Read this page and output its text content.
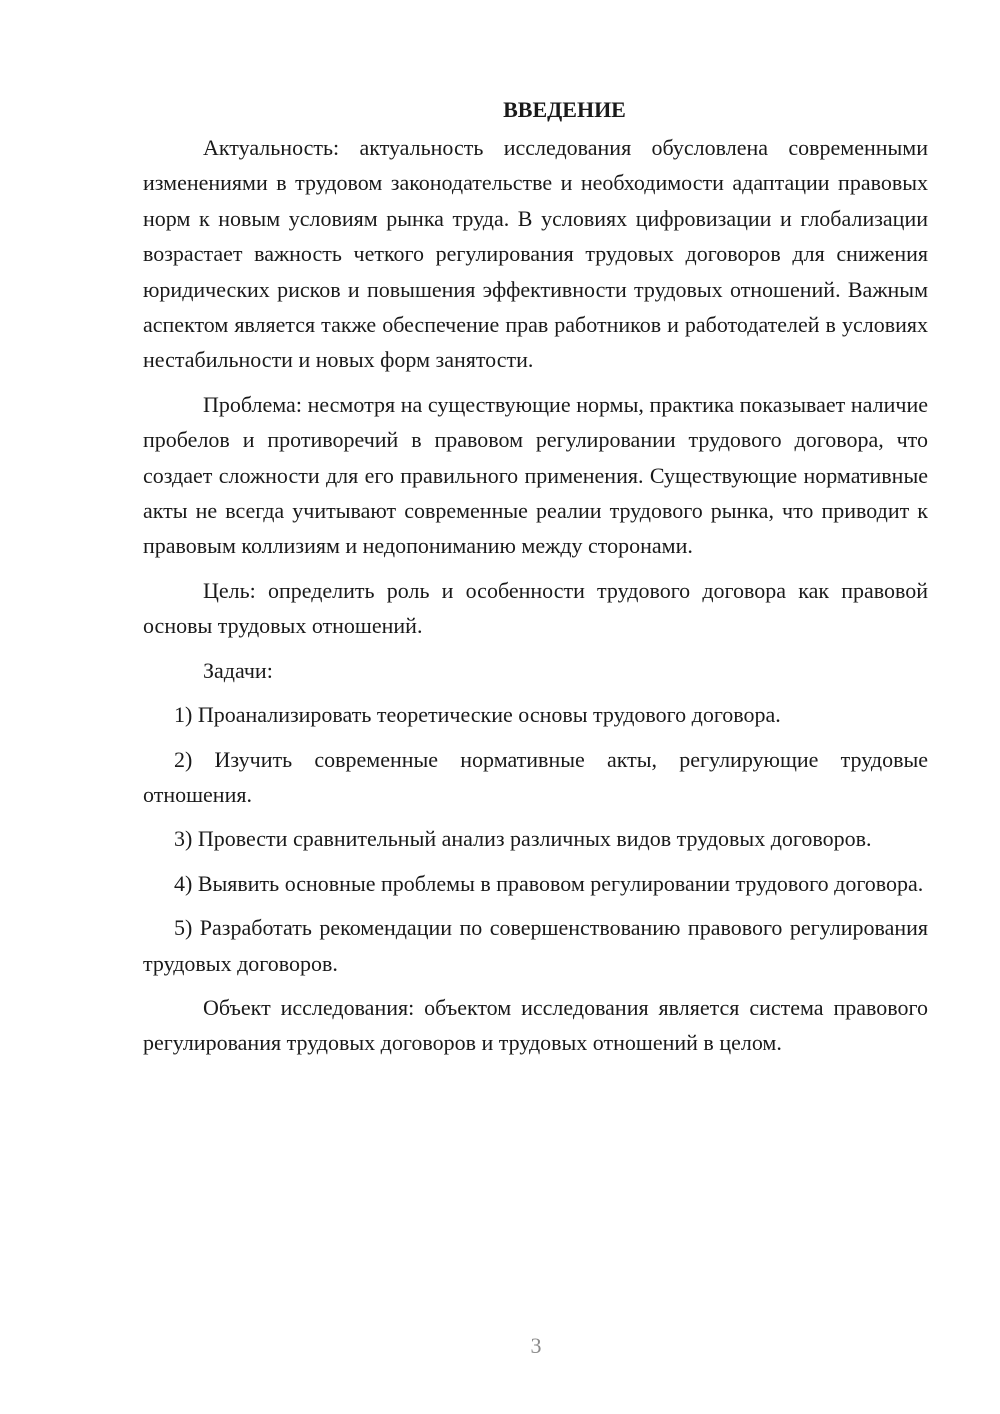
ВВЕДЕНИЕ

Актуальность: актуальность исследования обусловлена современными изменениями в трудовом законодательстве и необходимости адаптации правовых норм к новым условиям рынка труда. В условиях цифровизации и глобализации возрастает важность четкого регулирования трудовых договоров для снижения юридических рисков и повышения эффективности трудовых отношений. Важным аспектом является также обеспечение прав работников и работодателей в условиях нестабильности и новых форм занятости.

Проблема: несмотря на существующие нормы, практика показывает наличие пробелов и противоречий в правовом регулировании трудового договора, что создает сложности для его правильного применения. Существующие нормативные акты не всегда учитывают современные реалии трудового рынка, что приводит к правовым коллизиям и недопониманию между сторонами.

Цель: определить роль и особенности трудового договора как правовой основы трудовых отношений.

Задачи:

1) Проанализировать теоретические основы трудового договора.

2) Изучить современные нормативные акты, регулирующие трудовые отношения.

3) Провести сравнительный анализ различных видов трудовых договоров.

4) Выявить основные проблемы в правовом регулировании трудового договора.

5) Разработать рекомендации по совершенствованию правового регулирования трудовых договоров.

Объект исследования: объектом исследования является система правового регулирования трудовых договоров и трудовых отношений в целом.

3
